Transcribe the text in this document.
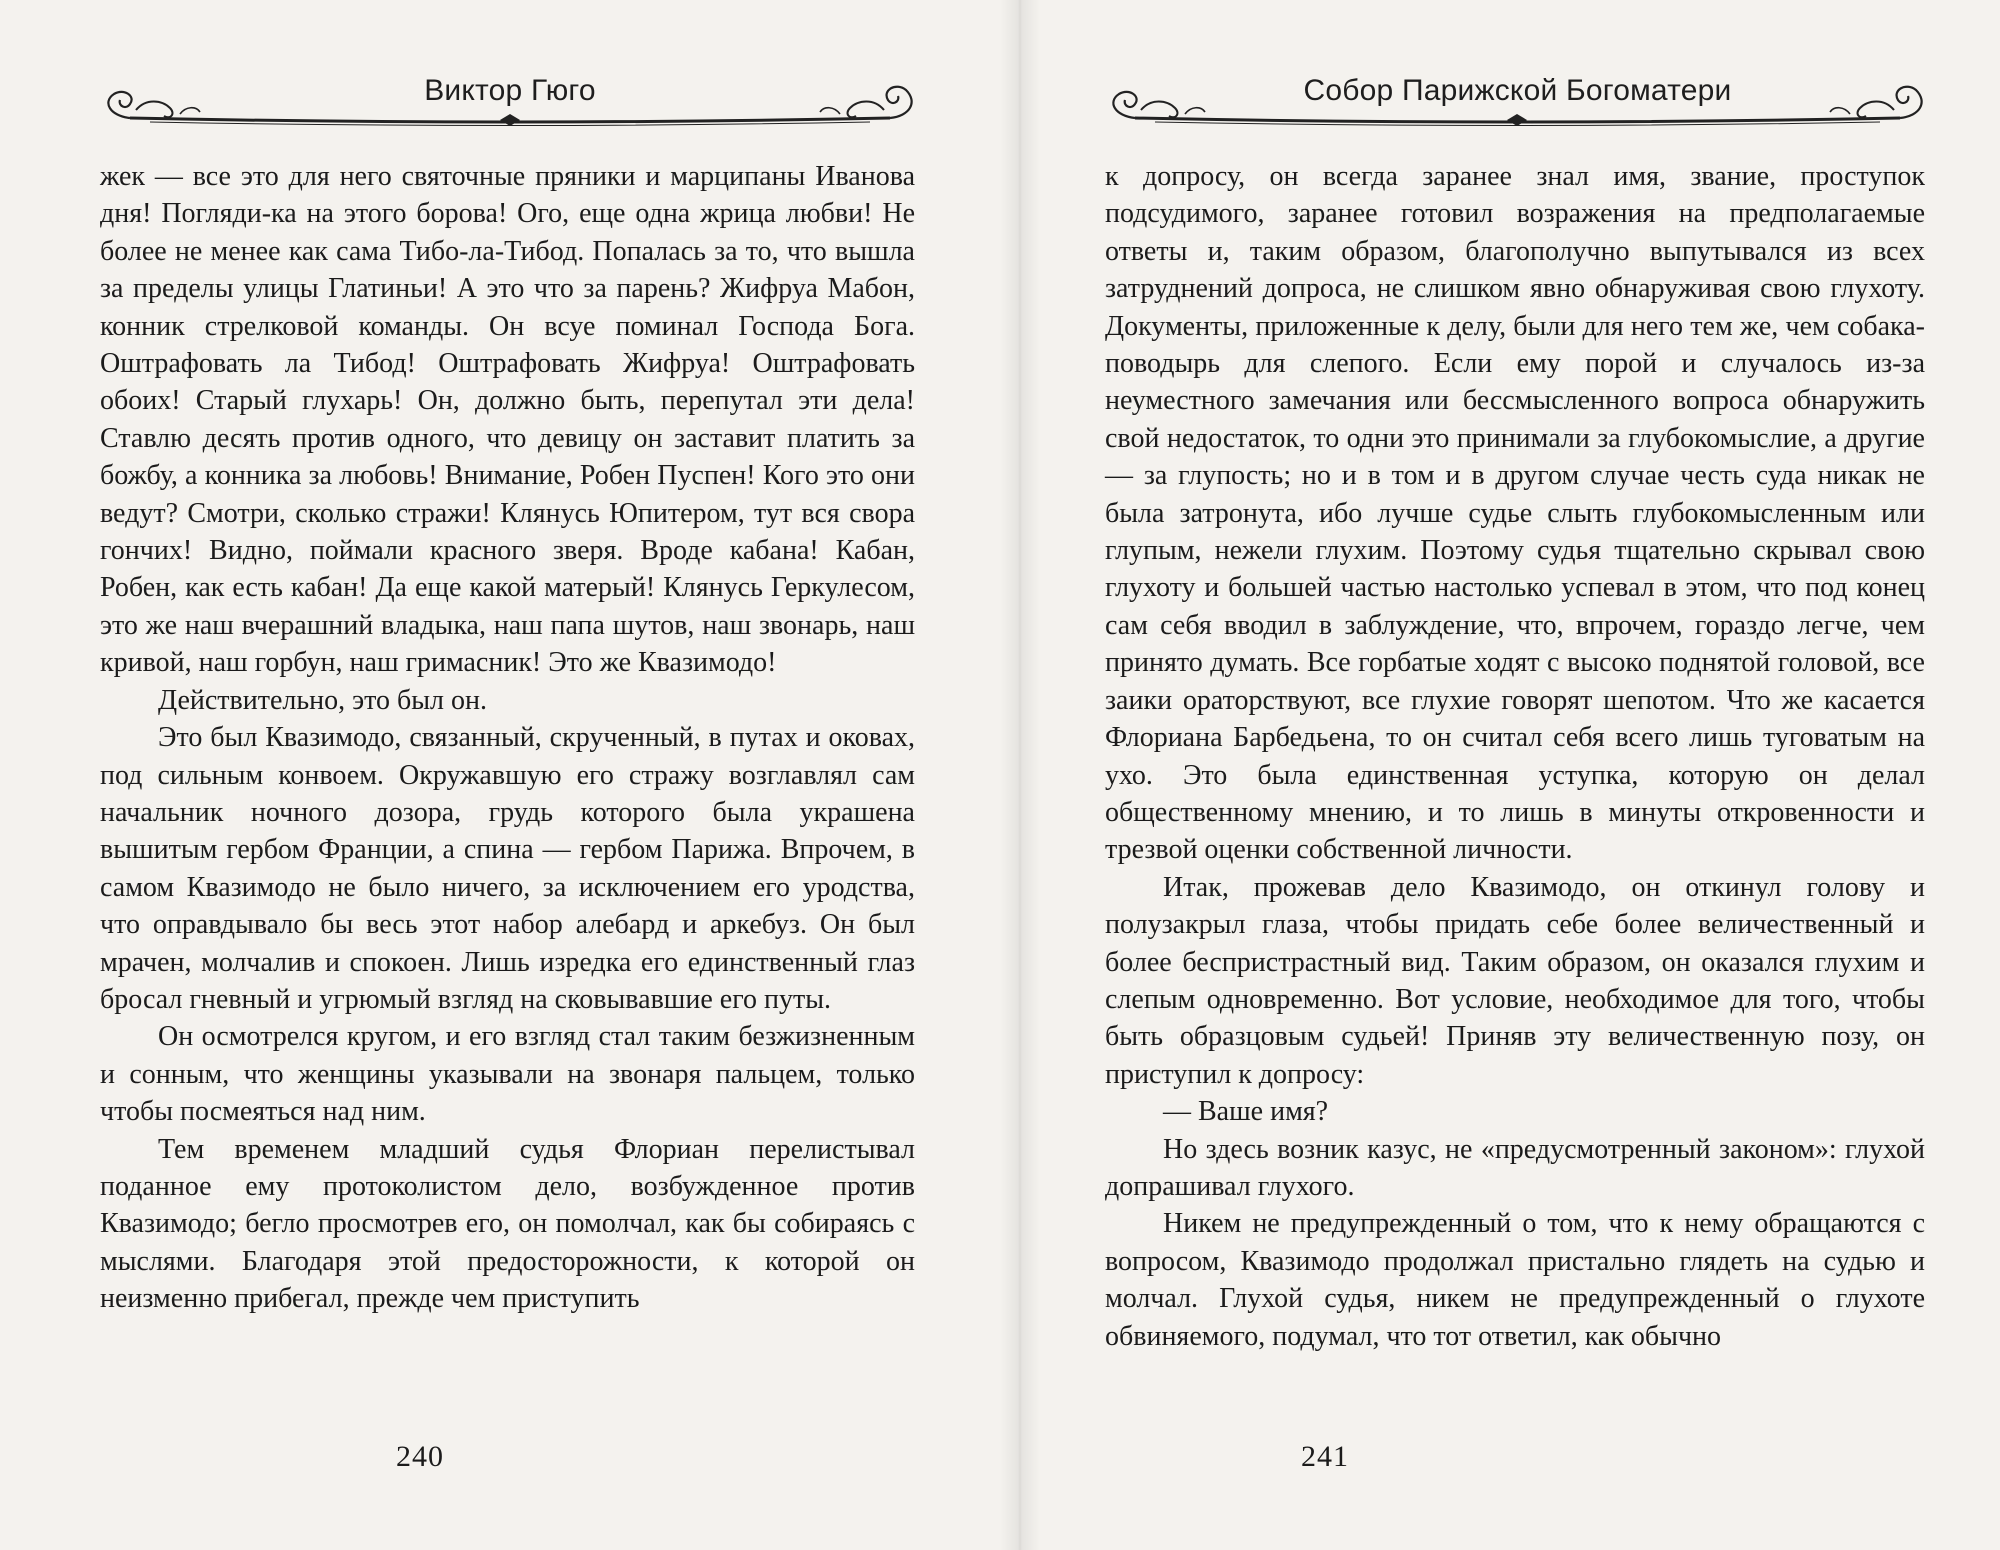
Виктор Гюго

жек — все это для него святочные пряники и марципаны Иванова дня! Погляди-ка на этого борова! Ого, еще одна жрица любви! Не более не менее как сама Тибо-ла-Тибод. Попалась за то, что вышла за пределы улицы Глатиньи! А это что за парень? Жифруа Мабон, конник стрелковой команды. Он всуе поминал Господа Бога. Оштрафовать ла Тибод! Оштрафовать Жифруа! Оштрафовать обоих! Старый глухарь! Он, должно быть, перепутал эти дела! Ставлю десять против одного, что девицу он заставит платить за божбу, а конника за любовь! Внимание, Робен Пуспен! Кого это они ведут? Смотри, сколько стражи! Клянусь Юпитером, тут вся свора гончих! Видно, поймали красного зверя. Вроде кабана! Кабан, Робен, как есть кабан! Да еще какой матерый! Клянусь Геркулесом, это же наш вчерашний владыка, наш папа шутов, наш звонарь, наш кривой, наш горбун, наш гримасник! Это же Квазимодо!

Действительно, это был он.

Это был Квазимодо, связанный, скрученный, в путах и оковах, под сильным конвоем. Окружавшую его стражу возглавлял сам начальник ночного дозора, грудь которого была украшена вышитым гербом Франции, а спина — гербом Парижа. Впрочем, в самом Квазимодо не было ничего, за исключением его уродства, что оправдывало бы весь этот набор алебард и аркебуз. Он был мрачен, молчалив и спокоен. Лишь изредка его единственный глаз бросал гневный и угрюмый взгляд на сковывавшие его путы.

Он осмотрелся кругом, и его взгляд стал таким безжизненным и сонным, что женщины указывали на звонаря пальцем, только чтобы посмеяться над ним.

Тем временем младший судья Флориан перелистывал поданное ему протоколистом дело, возбужденное против Квазимодо; бегло просмотрев его, он помолчал, как бы собираясь с мыслями. Благодаря этой предосторожности, к которой он неизменно прибегал, прежде чем приступить

240
Собор Парижской Богоматери

к допросу, он всегда заранее знал имя, звание, проступок подсудимого, заранее готовил возражения на предполагаемые ответы и, таким образом, благополучно выпутывался из всех затруднений допроса, не слишком явно обнаруживая свою глухоту. Документы, приложенные к делу, были для него тем же, чем собака-поводырь для слепого. Если ему порой и случалось из-за неуместного замечания или бессмысленного вопроса обнаружить свой недостаток, то одни это принимали за глубокомыслие, а другие — за глупость; но и в том и в другом случае честь суда никак не была затронута, ибо лучше судье слыть глубокомысленным или глупым, нежели глухим. Поэтому судья тщательно скрывал свою глухоту и большей частью настолько успевал в этом, что под конец сам себя вводил в заблуждение, что, впрочем, гораздо легче, чем принято думать. Все горбатые ходят с высоко поднятой головой, все заики ораторствуют, все глухие говорят шепотом. Что же касается Флориана Барбедьена, то он считал себя всего лишь туговатым на ухо. Это была единственная уступка, которую он делал общественному мнению, и то лишь в минуты откровенности и трезвой оценки собственной личности.

Итак, прожевав дело Квазимодо, он откинул голову и полузакрыл глаза, чтобы придать себе более величественный и более беспристрастный вид. Таким образом, он оказался глухим и слепым одновременно. Вот условие, необходимое для того, чтобы быть образцовым судьей! Приняв эту величественную позу, он приступил к допросу:

— Ваше имя?

Но здесь возник казус, не «предусмотренный законом»: глухой допрашивал глухого.

Никем не предупрежденный о том, что к нему обращаются с вопросом, Квазимодо продолжал пристально глядеть на судью и молчал. Глухой судья, никем не предупрежденный о глухоте обвиняемого, подумал, что тот ответил, как обычно

241
